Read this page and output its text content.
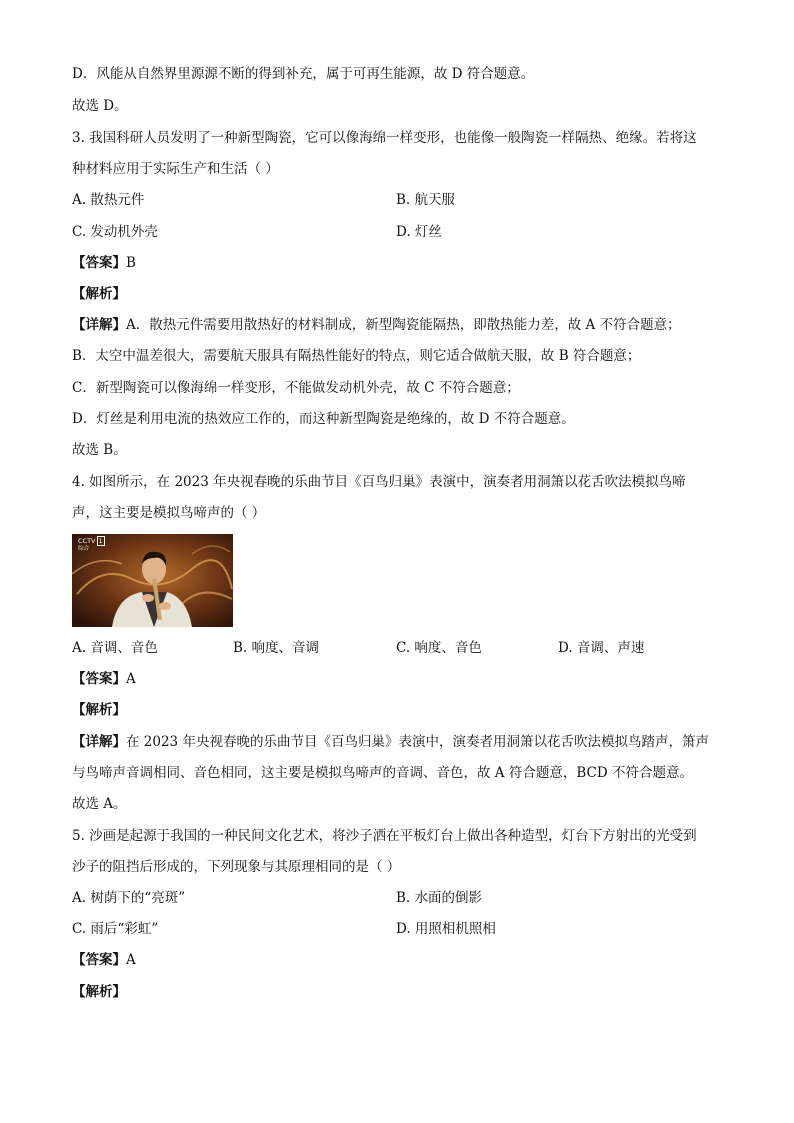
D．风能从自然界里源源不断的得到补充，属于可再生能源，故 D 符合题意。
故选 D。
3. 我国科研人员发明了一种新型陶瓷，它可以像海绵一样变形，也能像一般陶瓷一样隔热、绝缘。若将这
种材料应用于实际生产和生活（ ）
A. 散热元件	B. 航天服
C. 发动机外壳	D. 灯丝
【答案】B
【解析】
【详解】A．散热元件需要用散热好的材料制成，新型陶瓷能隔热，即散热能力差，故 A 不符合题意；
B．太空中温差很大，需要航天服具有隔热性能好的特点，则它适合做航天服，故 B 符合题意；
C．新型陶瓷可以像海绵一样变形，不能做发动机外壳，故 C 不符合题意；
D．灯丝是利用电流的热效应工作的，而这种新型陶瓷是绝缘的，故 D 不符合题意。
故选 B。
4. 如图所示，在 2023 年央视春晚的乐曲节目《百鸟归巢》表演中，演奏者用洞箫以花舌吹法模拟鸟啼
声，这主要是模拟鸟啼声的（ ）
CCTV 1
综合
A. 音调、音色	B. 响度、音调	C. 响度、音色	D. 音调、声速
【答案】A
【解析】
【详解】在 2023 年央视春晚的乐曲节目《百鸟归巢》表演中，演奏者用洞箫以花舌吹法模拟鸟踏声，箫声
与鸟啼声音调相同、音色相同，这主要是模拟鸟啼声的音调、音色，故 A 符合题意，BCD 不符合题意。
故选 A。
5. 沙画是起源于我国的一种民间文化艺术，将沙子洒在平板灯台上做出各种造型，灯台下方射出的光受到
沙子的阻挡后形成的，下列现象与其原理相同的是（ ）
A. 树荫下的“亮斑”	B. 水面的倒影
C. 雨后“彩虹”	D. 用照相机照相
【答案】A
【解析】
